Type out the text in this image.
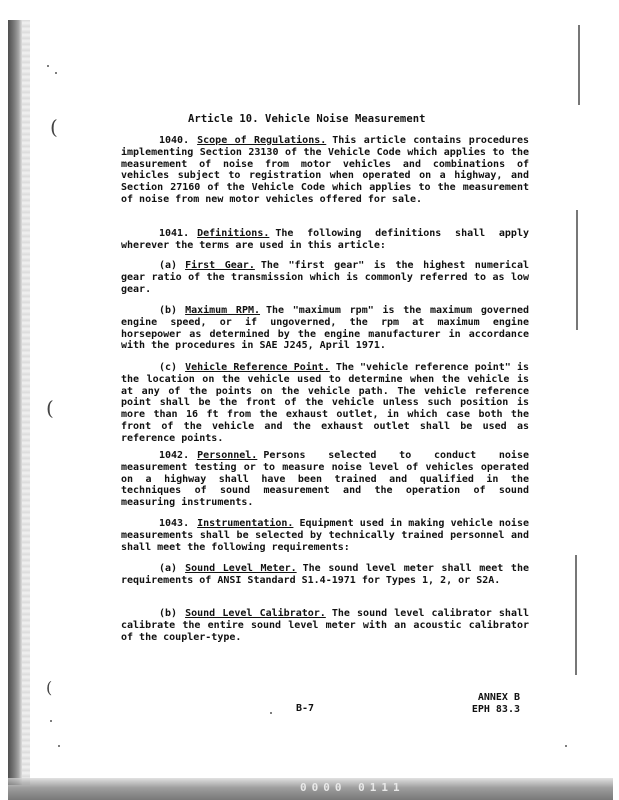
(
(
(
Article 10. Vehicle Noise Measurement
1040. Scope of Regulations. This article contains procedures implementing Section 23130 of the Vehicle Code which applies to the measurement of noise from motor vehicles and combinations of vehicles subject to registration when operated on a highway, and Section 27160 of the Vehicle Code which applies to the measurement of noise from new motor vehicles offered for sale.
1041. Definitions. The following definitions shall apply wherever the terms are used in this article:
(a) First Gear. The "first gear" is the highest numerical gear ratio of the transmission which is commonly referred to as low gear.
(b) Maximum RPM. The "maximum rpm" is the maximum governed engine speed, or if ungoverned, the rpm at maximum engine horsepower as determined by the engine manufacturer in accordance with the procedures in SAE J245, April 1971.
(c) Vehicle Reference Point. The "vehicle reference point" is the location on the vehicle used to determine when the vehicle is at any of the points on the vehicle path. The vehicle reference point shall be the front of the vehicle unless such position is more than 16 ft from the exhaust outlet, in which case both the front of the vehicle and the exhaust outlet shall be used as reference points.
1042. Personnel. Persons selected to conduct noise measurement testing or to measure noise level of vehicles operated on a highway shall have been trained and qualified in the techniques of sound measurement and the operation of sound measuring instruments.
1043. Instrumentation. Equipment used in making vehicle noise measurements shall be selected by technically trained personnel and shall meet the following requirements:
(a) Sound Level Meter. The sound level meter shall meet the requirements of ANSI Standard S1.4-1971 for Types 1, 2, or S2A.
(b) Sound Level Calibrator. The sound level calibrator shall calibrate the entire sound level meter with an acoustic calibrator of the coupler-type.
B-7
ANNEX B
EPH 83.3
0000 0111
